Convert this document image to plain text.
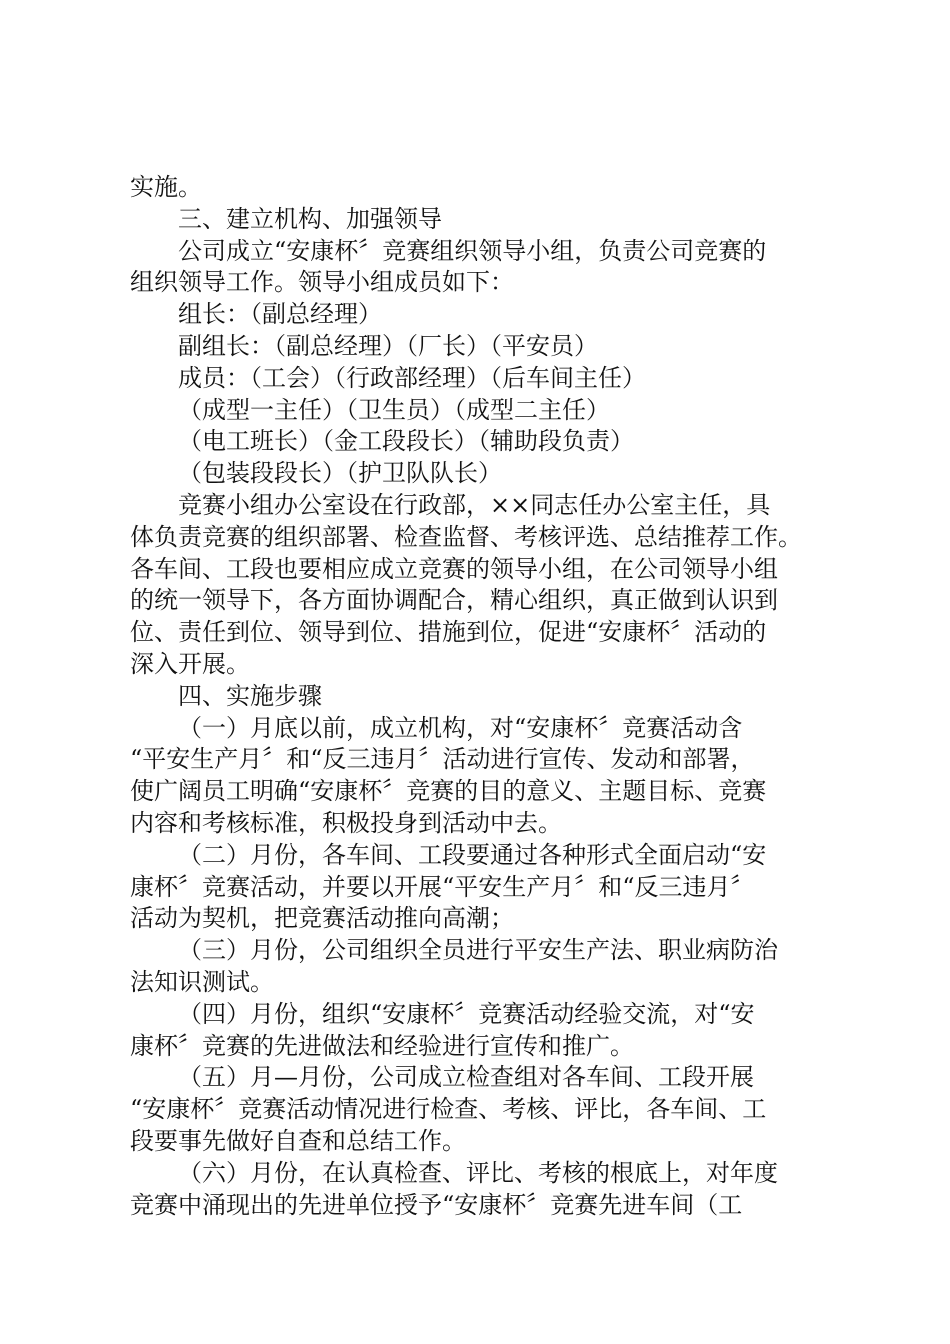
实施。
三、建立机构、加强领导
公司成立“安康杯〞竞赛组织领导小组，负责公司竞赛的
组织领导工作。领导小组成员如下：
组长：（副总经理）
副组长：（副总经理）（厂长）（平安员）
成员：（工会）（行政部经理）（后车间主任）
（成型一主任）（卫生员）（成型二主任）
（电工班长）（金工段段长）（辅助段负责）
（包装段段长）（护卫队队长）
竞赛小组办公室设在行政部，××同志任办公室主任，具
体负责竞赛的组织部署、检查监督、考核评选、总结推荐工作。
各车间、工段也要相应成立竞赛的领导小组，在公司领导小组
的统一领导下，各方面协调配合，精心组织，真正做到认识到
位、责任到位、领导到位、措施到位，促进“安康杯〞活动的
深入开展。
四、实施步骤
（一）月底以前，成立机构，对“安康杯〞竞赛活动含
“平安生产月〞和“反三违月〞活动进行宣传、发动和部署，
使广阔员工明确“安康杯〞竞赛的目的意义、主题目标、竞赛
内容和考核标准，积极投身到活动中去。
（二）月份，各车间、工段要通过各种形式全面启动“安
康杯〞竞赛活动，并要以开展“平安生产月〞和“反三违月〞
活动为契机，把竞赛活动推向高潮；
（三）月份，公司组织全员进行平安生产法、职业病防治
法知识测试。
（四）月份，组织“安康杯〞竞赛活动经验交流，对“安
康杯〞竞赛的先进做法和经验进行宣传和推广。
（五）月—月份，公司成立检查组对各车间、工段开展
“安康杯〞竞赛活动情况进行检查、考核、评比，各车间、工
段要事先做好自查和总结工作。
（六）月份，在认真检查、评比、考核的根底上，对年度
竞赛中涌现出的先进单位授予“安康杯〞竞赛先进车间（工
